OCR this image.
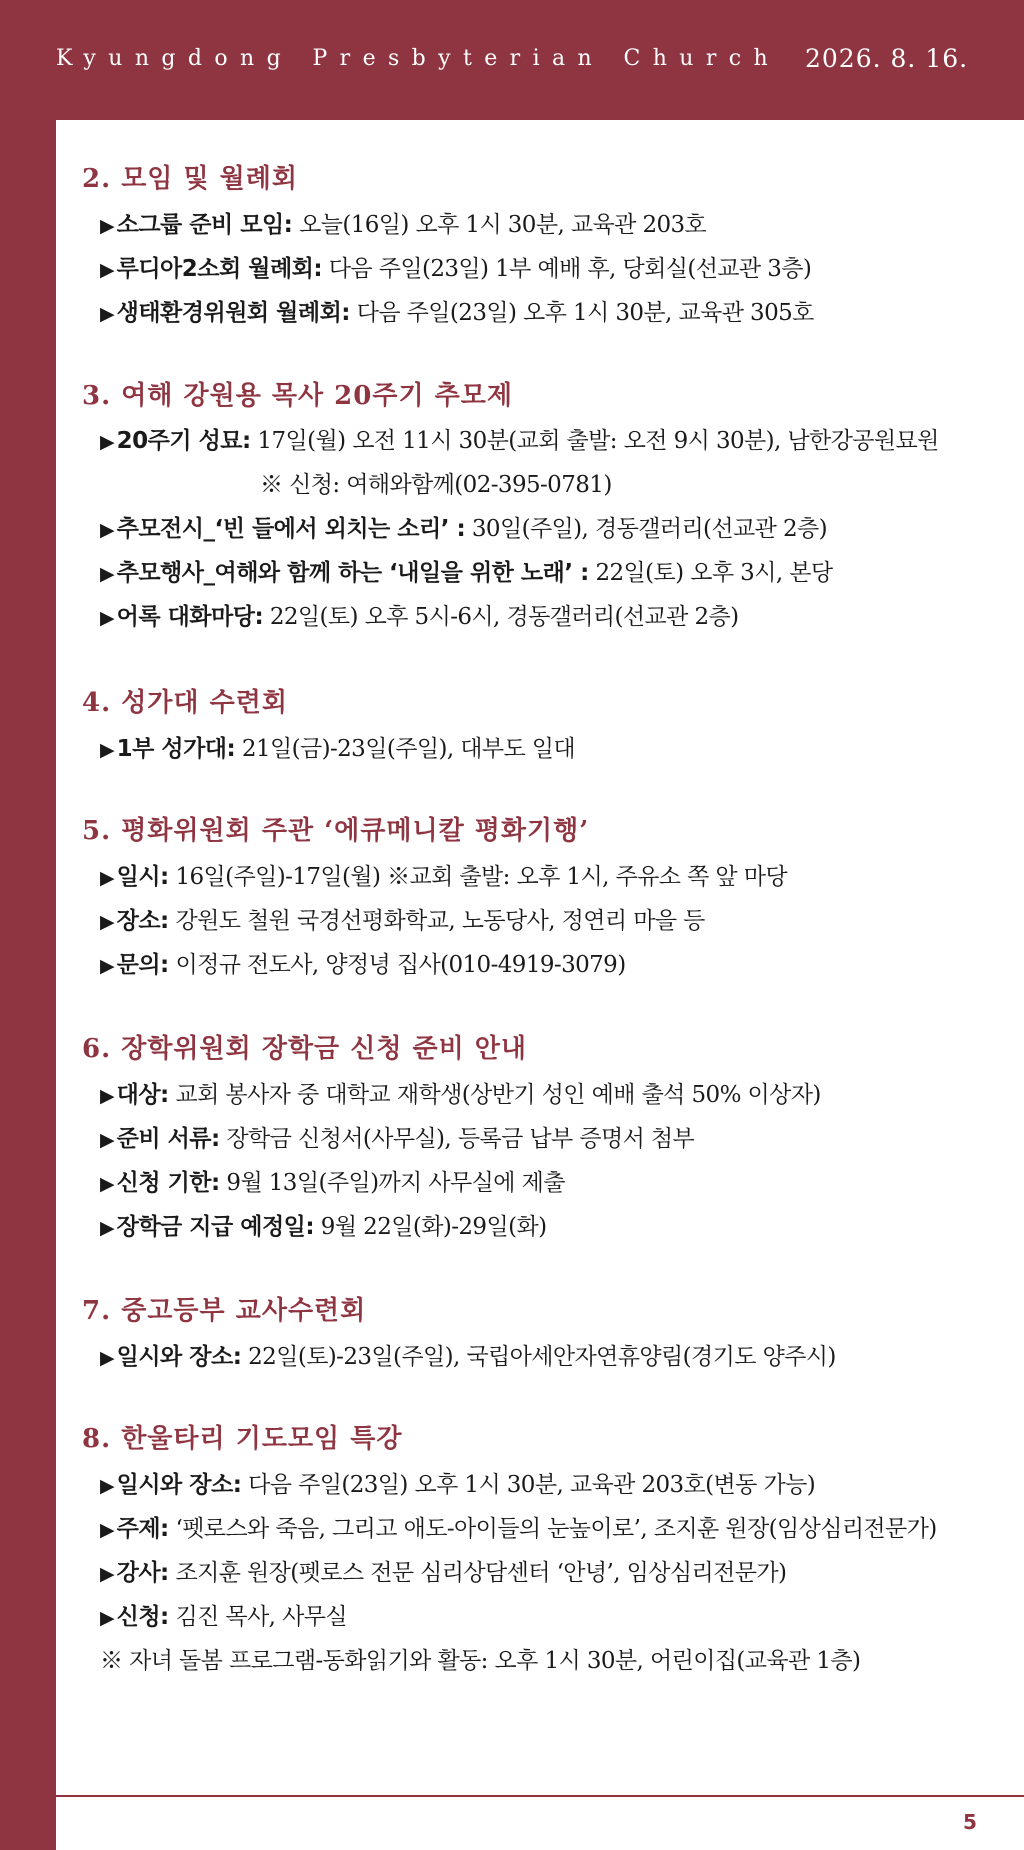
Kyungdong Presbyterian Church 2026. 8. 16.
2. 모임 및 월례회
▶소그룹 준비 모임: 오늘(16일) 오후 1시 30분, 교육관 203호
▶루디아2소회 월례회: 다음 주일(23일) 1부 예배 후, 당회실(선교관 3층)
▶생태환경위원회 월례회: 다음 주일(23일) 오후 1시 30분, 교육관 305호
3. 여해 강원용 목사 20주기 추모제
▶20주기 성묘: 17일(월) 오전 11시 30분(교회 출발: 오전 9시 30분), 남한강공원묘원
※ 신청: 여해와함께(02-395-0781)
▶추모전시_‘빈 들에서 외치는 소리’ : 30일(주일), 경동갤러리(선교관 2층)
▶추모행사_여해와 함께 하는 ‘내일을 위한 노래’ : 22일(토) 오후 3시, 본당
▶어록 대화마당: 22일(토) 오후 5시-6시, 경동갤러리(선교관 2층)
4. 성가대 수련회
▶1부 성가대: 21일(금)-23일(주일), 대부도 일대
5. 평화위원회 주관 ‘에큐메니칼 평화기행’
▶일시: 16일(주일)-17일(월) ※교회 출발: 오후 1시, 주유소 쪽 앞 마당
▶장소: 강원도 철원 국경선평화학교, 노동당사, 정연리 마을 등
▶문의: 이정규 전도사, 양정녕 집사(010-4919-3079)
6. 장학위원회 장학금 신청 준비 안내
▶대상: 교회 봉사자 중 대학교 재학생(상반기 성인 예배 출석 50% 이상자)
▶준비 서류: 장학금 신청서(사무실), 등록금 납부 증명서 첨부
▶신청 기한: 9월 13일(주일)까지 사무실에 제출
▶장학금 지급 예정일: 9월 22일(화)-29일(화)
7. 중고등부 교사수련회
▶일시와 장소: 22일(토)-23일(주일), 국립아세안자연휴양림(경기도 양주시)
8. 한울타리 기도모임 특강
▶일시와 장소: 다음 주일(23일) 오후 1시 30분, 교육관 203호(변동 가능)
▶주제: ‘펫로스와 죽음, 그리고 애도-아이들의 눈높이로’, 조지훈 원장(임상심리전문가)
▶강사: 조지훈 원장(펫로스 전문 심리상담센터 ‘안녕’, 임상심리전문가)
▶신청: 김진 목사, 사무실
※ 자녀 돌봄 프로그램-동화읽기와 활동: 오후 1시 30분, 어린이집(교육관 1층)
5
